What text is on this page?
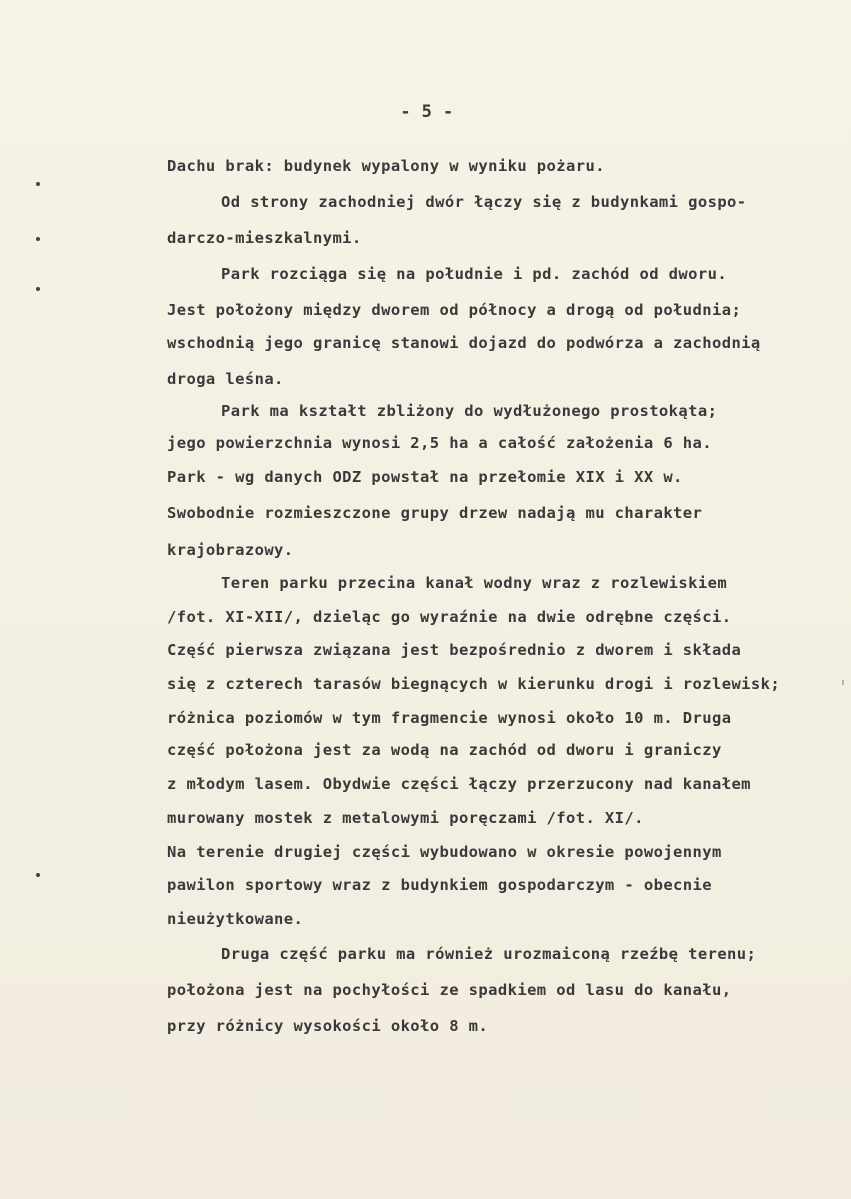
- 5 -
Dachu brak: budynek wypalony w wyniku pożaru.
Od strony zachodniej dwór łączy się z budynkami gospo-
darczo-mieszkalnymi.
Park rozciąga się na południe i pd. zachód od dworu.
Jest położony między dworem od północy a drogą od południa;
wschodnią jego granicę stanowi dojazd do podwórza a zachodnią
droga leśna.
Park ma kształt zbliżony do wydłużonego prostokąta;
jego powierzchnia wynosi 2,5 ha a całość założenia 6 ha.
Park - wg danych ODZ powstał na przełomie XIX i XX w.
Swobodnie rozmieszczone grupy drzew nadają mu charakter
krajobrazowy.
Teren parku przecina kanał wodny wraz z rozlewiskiem
/fot. XI-XII/, dzieląc go wyraźnie na dwie odrębne części.
Część pierwsza związana jest bezpośrednio z dworem i składa
się z czterech tarasów biegnących w kierunku drogi i rozlewisk;
różnica poziomów w tym fragmencie wynosi około 10 m. Druga
część położona jest za wodą na zachód od dworu i graniczy
z młodym lasem. Obydwie części łączy przerzucony nad kanałem
murowany mostek z metalowymi poręczami /fot. XI/.
Na terenie drugiej części wybudowano w okresie powojennym
pawilon sportowy wraz z budynkiem gospodarczym - obecnie
nieużytkowane.
Druga część parku ma również urozmaiconą rzeźbę terenu;
położona jest na pochyłości ze spadkiem od lasu do kanału,
przy różnicy wysokości około 8 m.
